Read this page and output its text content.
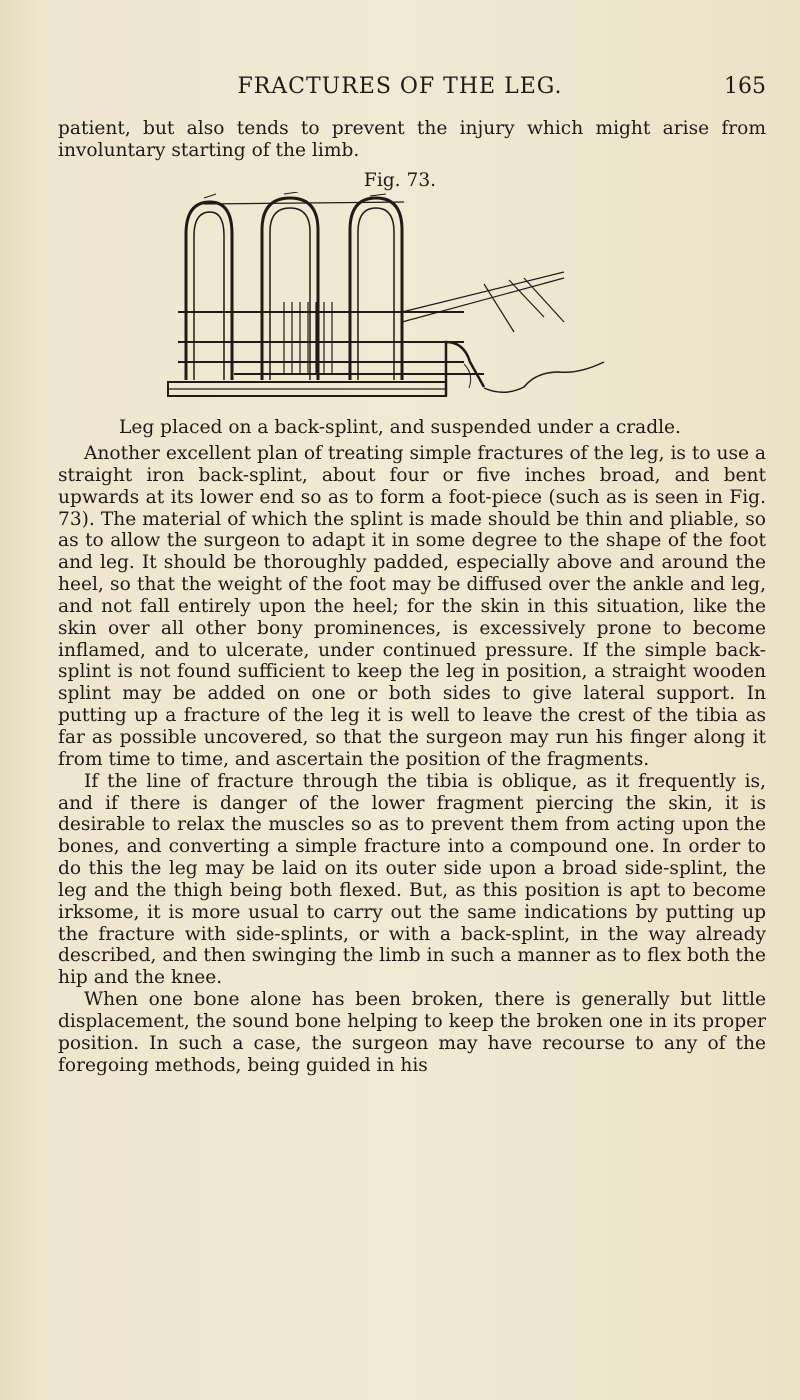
FRACTURES OF THE LEG.	165

patient, but also tends to prevent the injury which might arise from involuntary starting of the limb.

Fig. 73.
Leg placed on a back-splint, and suspended under a cradle.

Another excellent plan of treating simple fractures of the leg, is to use a straight iron back-splint, about four or five inches broad, and bent upwards at its lower end so as to form a foot-piece (such as is seen in Fig. 73). The material of which the splint is made should be thin and pliable, so as to allow the surgeon to adapt it in some degree to the shape of the foot and leg. It should be thoroughly padded, especially above and around the heel, so that the weight of the foot may be diffused over the ankle and leg, and not fall entirely upon the heel; for the skin in this situation, like the skin over all other bony prominences, is excessively prone to become inflamed, and to ulcerate, under continued pressure. If the simple back-splint is not found sufficient to keep the leg in position, a straight wooden splint may be added on one or both sides to give lateral support. In putting up a fracture of the leg it is well to leave the crest of the tibia as far as possible uncovered, so that the surgeon may run his finger along it from time to time, and ascertain the position of the fragments.

If the line of fracture through the tibia is oblique, as it frequently is, and if there is danger of the lower fragment piercing the skin, it is desirable to relax the muscles so as to prevent them from acting upon the bones, and converting a simple fracture into a compound one. In order to do this the leg may be laid on its outer side upon a broad side-splint, the leg and the thigh being both flexed. But, as this position is apt to become irksome, it is more usual to carry out the same indications by putting up the fracture with side-splints, or with a back-splint, in the way already described, and then swinging the limb in such a manner as to flex both the hip and the knee.

When one bone alone has been broken, there is generally but little displacement, the sound bone helping to keep the broken one in its proper position. In such a case, the surgeon may have recourse to any of the foregoing methods, being guided in his
